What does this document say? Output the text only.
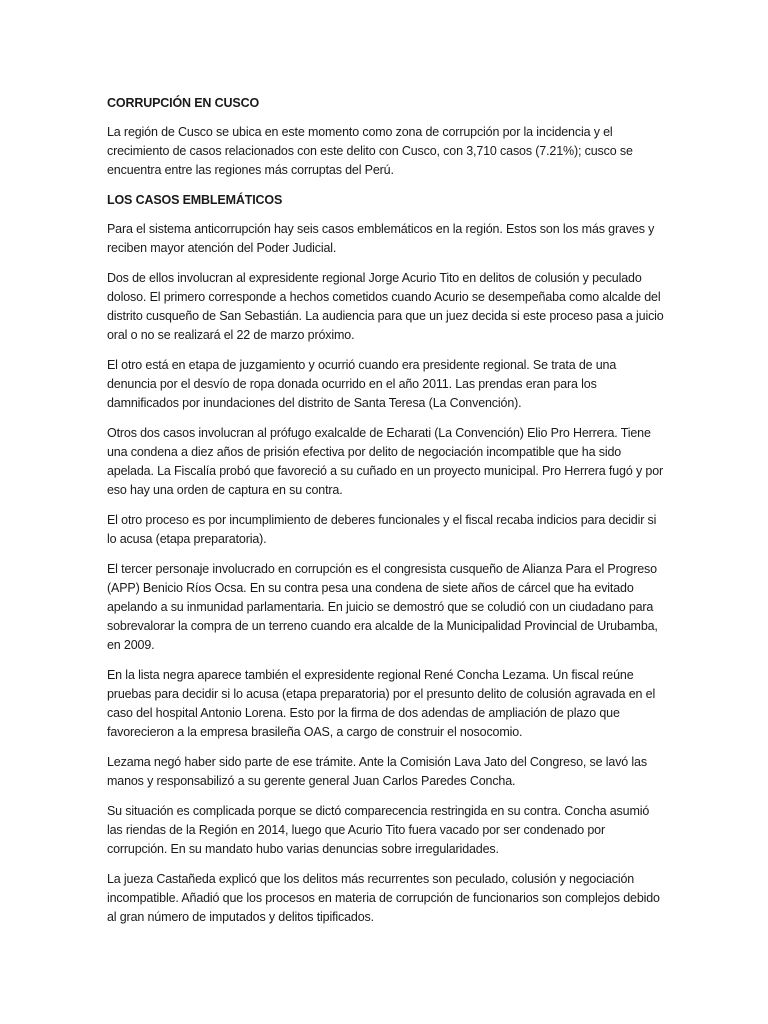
CORRUPCIÓN EN CUSCO

La región de Cusco se ubica en este momento como zona de corrupción por la incidencia y el crecimiento de casos relacionados con este delito con Cusco, con 3,710 casos (7.21%); cusco se encuentra entre las regiones más corruptas del Perú.

LOS CASOS EMBLEMÁTICOS

Para el sistema anticorrupción hay seis casos emblemáticos en la región. Estos son los más graves y reciben mayor atención del Poder Judicial.

Dos de ellos involucran al expresidente regional Jorge Acurio Tito en delitos de colusión y peculado doloso. El primero corresponde a hechos cometidos cuando Acurio se desempeñaba como alcalde del distrito cusqueño de San Sebastián. La audiencia para que un juez decida si este proceso pasa a juicio oral o no se realizará el 22 de marzo próximo.

El otro está en etapa de juzgamiento y ocurrió cuando era presidente regional. Se trata de una denuncia por el desvío de ropa donada ocurrido en el año 2011. Las prendas eran para los damnificados por inundaciones del distrito de Santa Teresa (La Convención).

Otros dos casos involucran al prófugo exalcalde de Echarati (La Convención) Elio Pro Herrera. Tiene una condena a diez años de prisión efectiva por delito de negociación incompatible que ha sido apelada. La Fiscalía probó que favoreció a su cuñado en un proyecto municipal. Pro Herrera fugó y por eso hay una orden de captura en su contra.

El otro proceso es por incumplimiento de deberes funcionales y el fiscal recaba indicios para decidir si lo acusa (etapa preparatoria).

El tercer personaje involucrado en corrupción es el congresista cusqueño de Alianza Para el Progreso (APP) Benicio Ríos Ocsa. En su contra pesa una condena de siete años de cárcel que ha evitado apelando a su inmunidad parlamentaria. En juicio se demostró que se coludió con un ciudadano para sobrevalorar la compra de un terreno cuando era alcalde de la Municipalidad Provincial de Urubamba, en 2009.

En la lista negra aparece también el expresidente regional René Concha Lezama. Un fiscal reúne pruebas para decidir si lo acusa (etapa preparatoria) por el presunto delito de colusión agravada en el caso del hospital Antonio Lorena. Esto por la firma de dos adendas de ampliación de plazo que favorecieron a la empresa brasileña OAS, a cargo de construir el nosocomio.

Lezama negó haber sido parte de ese trámite. Ante la Comisión Lava Jato del Congreso, se lavó las manos y responsabilizó a su gerente general Juan Carlos Paredes Concha.

Su situación es complicada porque se dictó comparecencia restringida en su contra. Concha asumió las riendas de la Región en 2014, luego que Acurio Tito fuera vacado por ser condenado por corrupción. En su mandato hubo varias denuncias sobre irregularidades.

La jueza Castañeda explicó que los delitos más recurrentes son peculado, colusión y negociación incompatible. Añadió que los procesos en materia de corrupción de funcionarios son complejos debido al gran número de imputados y delitos tipificados.
